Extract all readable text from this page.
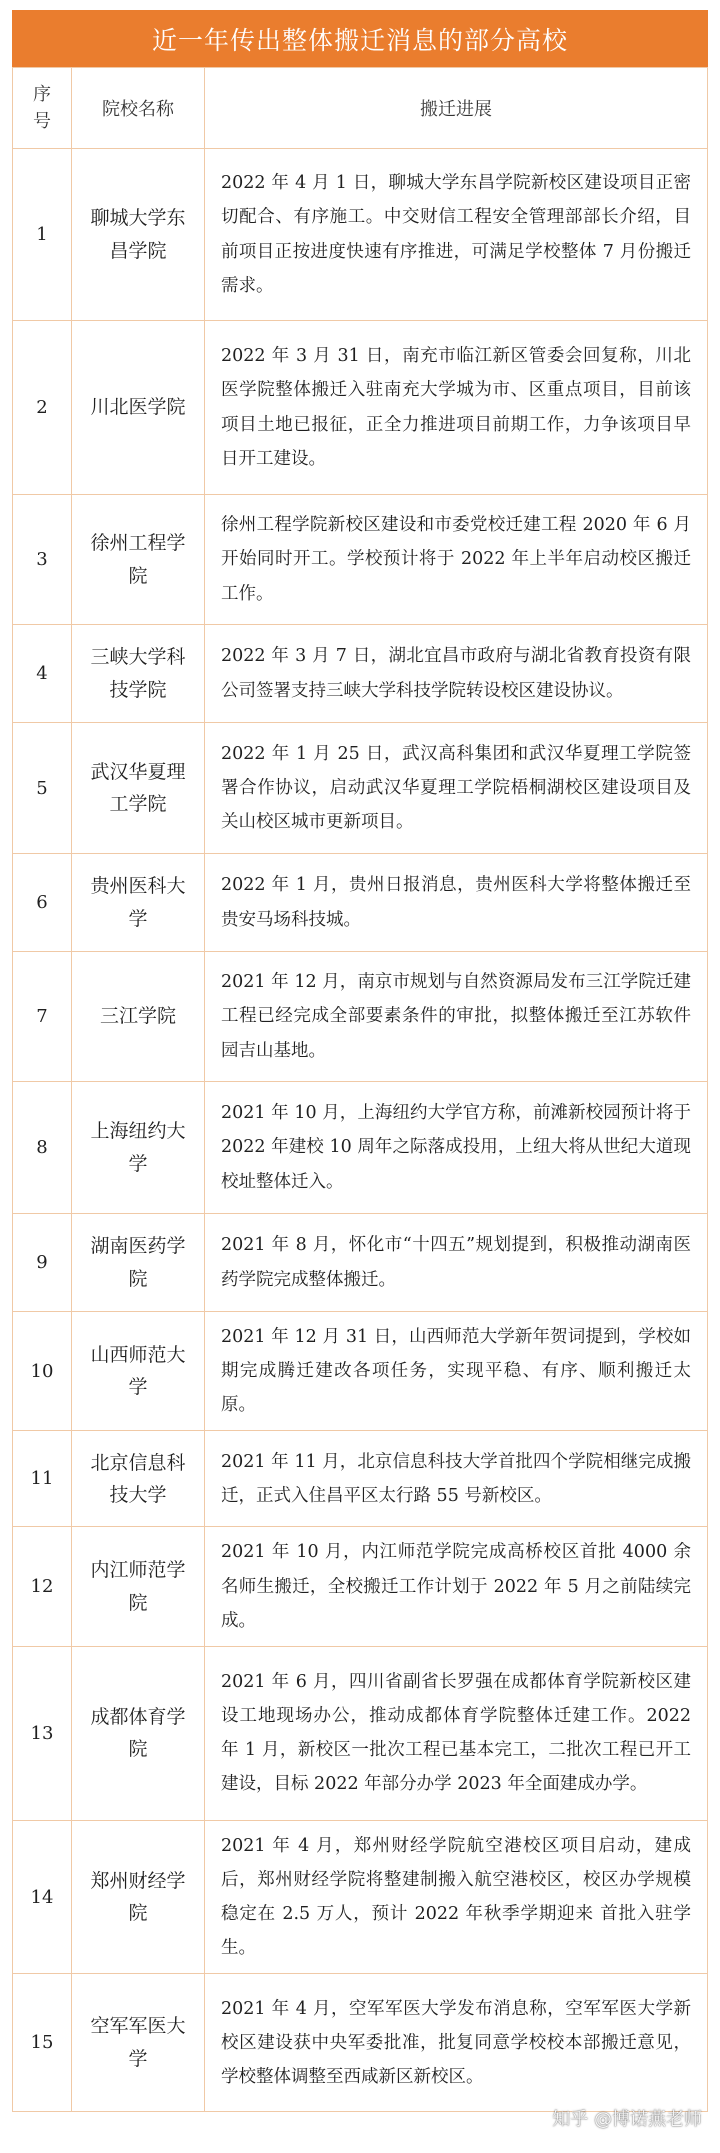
近一年传出整体搬迁消息的部分高校
序号	院校名称	搬迁进展
1	聊城大学东昌学院	2022 年 4 月 1 日，聊城大学东昌学院新校区建设项目正密切配合、有序施工。中交财信工程安全管理部部长介绍，目前项目正按进度快速有序推进，可满足学校整体 7 月份搬迁需求。
2	川北医学院	2022 年 3 月 31 日，南充市临江新区管委会回复称，川北医学院整体搬迁入驻南充大学城为市、区重点项目，目前该项目土地已报征，正全力推进项目前期工作，力争该项目早日开工建设。
3	徐州工程学院	徐州工程学院新校区建设和市委党校迁建工程 2020 年 6 月开始同时开工。学校预计将于 2022 年上半年启动校区搬迁工作。
4	三峡大学科技学院	2022 年 3 月 7 日，湖北宜昌市政府与湖北省教育投资有限公司签署支持三峡大学科技学院转设校区建设协议。
5	武汉华夏理工学院	2022 年 1 月 25 日，武汉高科集团和武汉华夏理工学院签署合作协议，启动武汉华夏理工学院梧桐湖校区建设项目及关山校区城市更新项目。
6	贵州医科大学	2022 年 1 月，贵州日报消息，贵州医科大学将整体搬迁至贵安马场科技城。
7	三江学院	2021 年 12 月，南京市规划与自然资源局发布三江学院迁建工程已经完成全部要素条件的审批，拟整体搬迁至江苏软件园吉山基地。
8	上海纽约大学	2021 年 10 月，上海纽约大学官方称，前滩新校园预计将于 2022 年建校 10 周年之际落成投用，上纽大将从世纪大道现校址整体迁入。
9	湖南医药学院	2021 年 8 月，怀化市“十四五”规划提到，积极推动湖南医药学院完成整体搬迁。
10	山西师范大学	2021 年 12 月 31 日，山西师范大学新年贺词提到，学校如期完成腾迁建改各项任务，实现平稳、有序、顺利搬迁太原。
11	北京信息科技大学	2021 年 11 月，北京信息科技大学首批四个学院相继完成搬迁，正式入住昌平区太行路 55 号新校区。
12	内江师范学院	2021 年 10 月，内江师范学院完成高桥校区首批 4000 余名师生搬迁，全校搬迁工作计划于 2022 年 5 月之前陆续完成。
13	成都体育学院	2021 年 6 月，四川省副省长罗强在成都体育学院新校区建设工地现场办公，推动成都体育学院整体迁建工作。2022 年 1 月，新校区一批次工程已基本完工，二批次工程已开工建设，目标 2022 年部分办学 2023 年全面建成办学。
14	郑州财经学院	2021 年 4 月，郑州财经学院航空港校区项目启动，建成后，郑州财经学院将整建制搬入航空港校区，校区办学规模稳定在 2.5 万人，预计 2022 年秋季学期迎来 首批入驻学生。
15	空军军医大学	2021 年 4 月，空军军医大学发布消息称，空军军医大学新校区建设获中央军委批准，批复同意学校校本部搬迁意见，学校整体调整至西咸新区新校区。
知乎 @博诺燕老师
